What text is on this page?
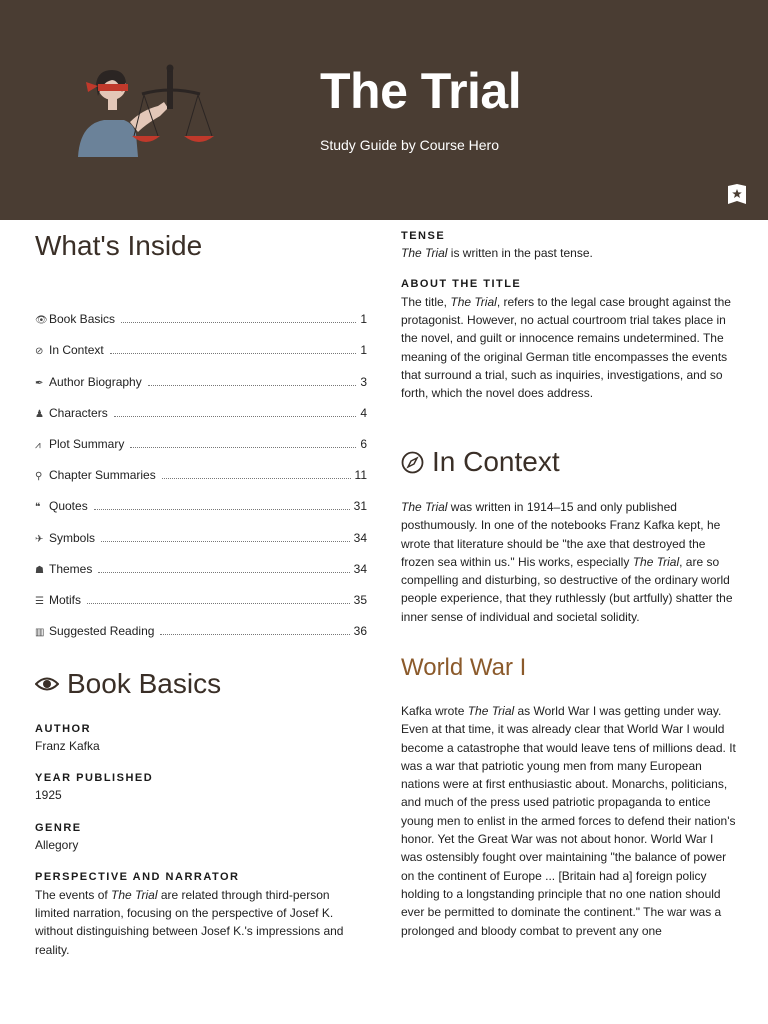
The Trial
Study Guide by Course Hero
What's Inside
👁 Book Basics	1
⊘ In Context	1
✒ Author Biography	3
♟ Characters	4
⩘ Plot Summary	6
⚲ Chapter Summaries	11
❝ Quotes	31
✈ Symbols	34
☗ Themes	34
☰ Motifs	35
▥ Suggested Reading	36
Book Basics
AUTHOR
Franz Kafka
YEAR PUBLISHED
1925
GENRE
Allegory
PERSPECTIVE AND NARRATOR
The events of The Trial are related through third-person limited narration, focusing on the perspective of Josef K. without distinguishing between Josef K.'s impressions and reality.
TENSE
The Trial is written in the past tense.
ABOUT THE TITLE
The title, The Trial, refers to the legal case brought against the protagonist. However, no actual courtroom trial takes place in the novel, and guilt or innocence remains undetermined. The meaning of the original German title encompasses the events that surround a trial, such as inquiries, investigations, and so forth, which the novel does address.
In Context
The Trial was written in 1914–15 and only published posthumously. In one of the notebooks Franz Kafka kept, he wrote that literature should be "the axe that destroyed the frozen sea within us." His works, especially The Trial, are so compelling and disturbing, so destructive of the ordinary world people experience, that they ruthlessly (but artfully) shatter the inner sense of individual and societal solidity.
World War I
Kafka wrote The Trial as World War I was getting under way. Even at that time, it was already clear that World War I would become a catastrophe that would leave tens of millions dead. It was a war that patriotic young men from many European nations were at first enthusiastic about. Monarchs, politicians, and much of the press used patriotic propaganda to entice young men to enlist in the armed forces to defend their nation's honor. Yet the Great War was not about honor. World War I was ostensibly fought over maintaining "the balance of power on the continent of Europe ... [Britain had a] foreign policy holding to a longstanding principle that no one nation should ever be permitted to dominate the continent." The war was a prolonged and bloody combat to prevent any one
